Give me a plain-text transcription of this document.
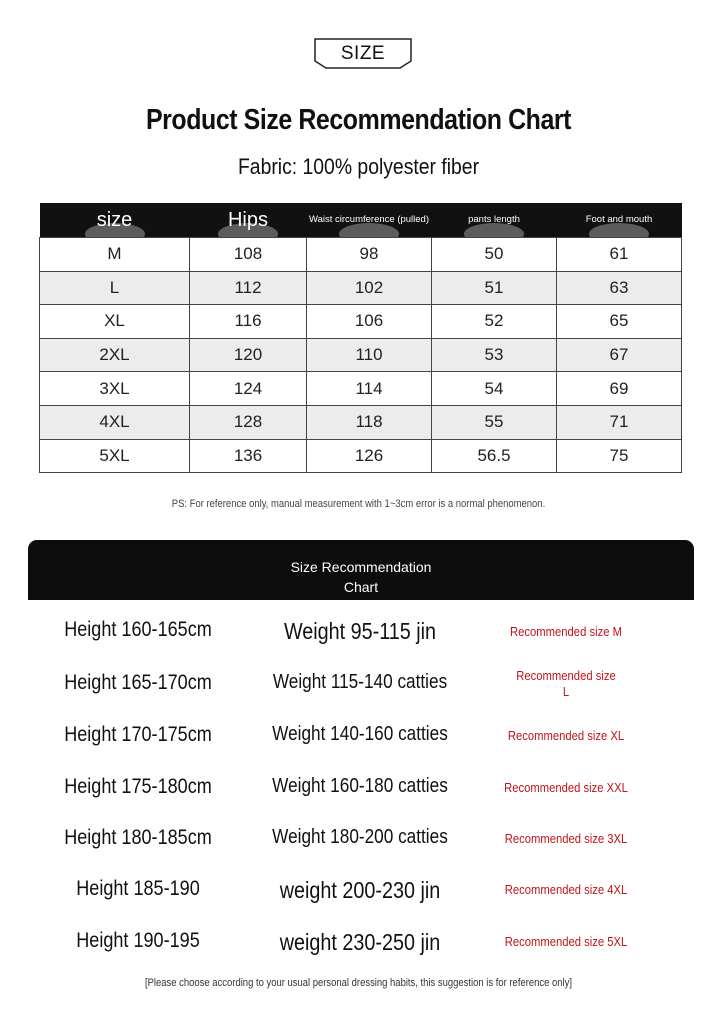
SIZE
Product Size Recommendation Chart
Fabric: 100% polyester fiber
size	Hips	Waist circumference (pulled)	pants length	Foot and mouth

M	108	98	50	61
L	112	102	51	63
XL	116	106	52	65
2XL	120	110	53	67
3XL	124	114	54	69
4XL	128	118	55	71
5XL	136	126	56.5	75
PS: For reference only, manual measurement with 1~3cm error is a normal phenomenon.
Size Recommendation Chart
Height 160-165cm	Weight 95-115 jin	Recommended size M
Height 165-170cm	Weight 115-140 catties	Recommended size L
Height 170-175cm	Weight 140-160 catties	Recommended size XL
Height 175-180cm	Weight 160-180 catties	Recommended size XXL
Height 180-185cm	Weight 180-200 catties	Recommended size 3XL
Height 185-190	weight 200-230 jin	Recommended size 4XL
Height 190-195	weight 230-250 jin	Recommended size 5XL
[Please choose according to your usual personal dressing habits, this suggestion is for reference only]
